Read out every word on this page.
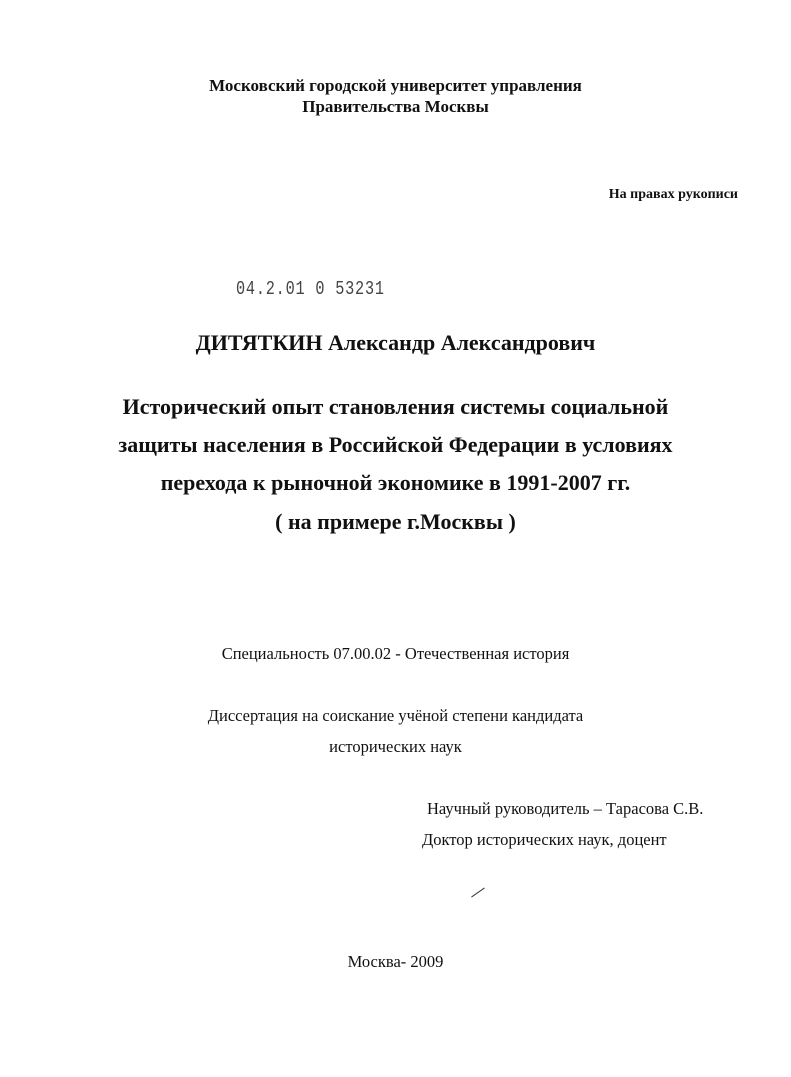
Московский городской университет управления
Правительства Москвы
На правах рукописи
04.2.01 0 53231
ДИТЯТКИН Александр Александрович
Исторический опыт становления системы социальной
защиты населения в Российской Федерации в условиях
перехода к рыночной экономике в 1991-2007 гг.
( на примере г.Москвы )
Специальность 07.00.02 - Отечественная история
Диссертация на соискание учёной степени кандидата
исторических наук
Научный руководитель – Тарасова С.В.
Доктор исторических наук, доцент
Москва- 2009
